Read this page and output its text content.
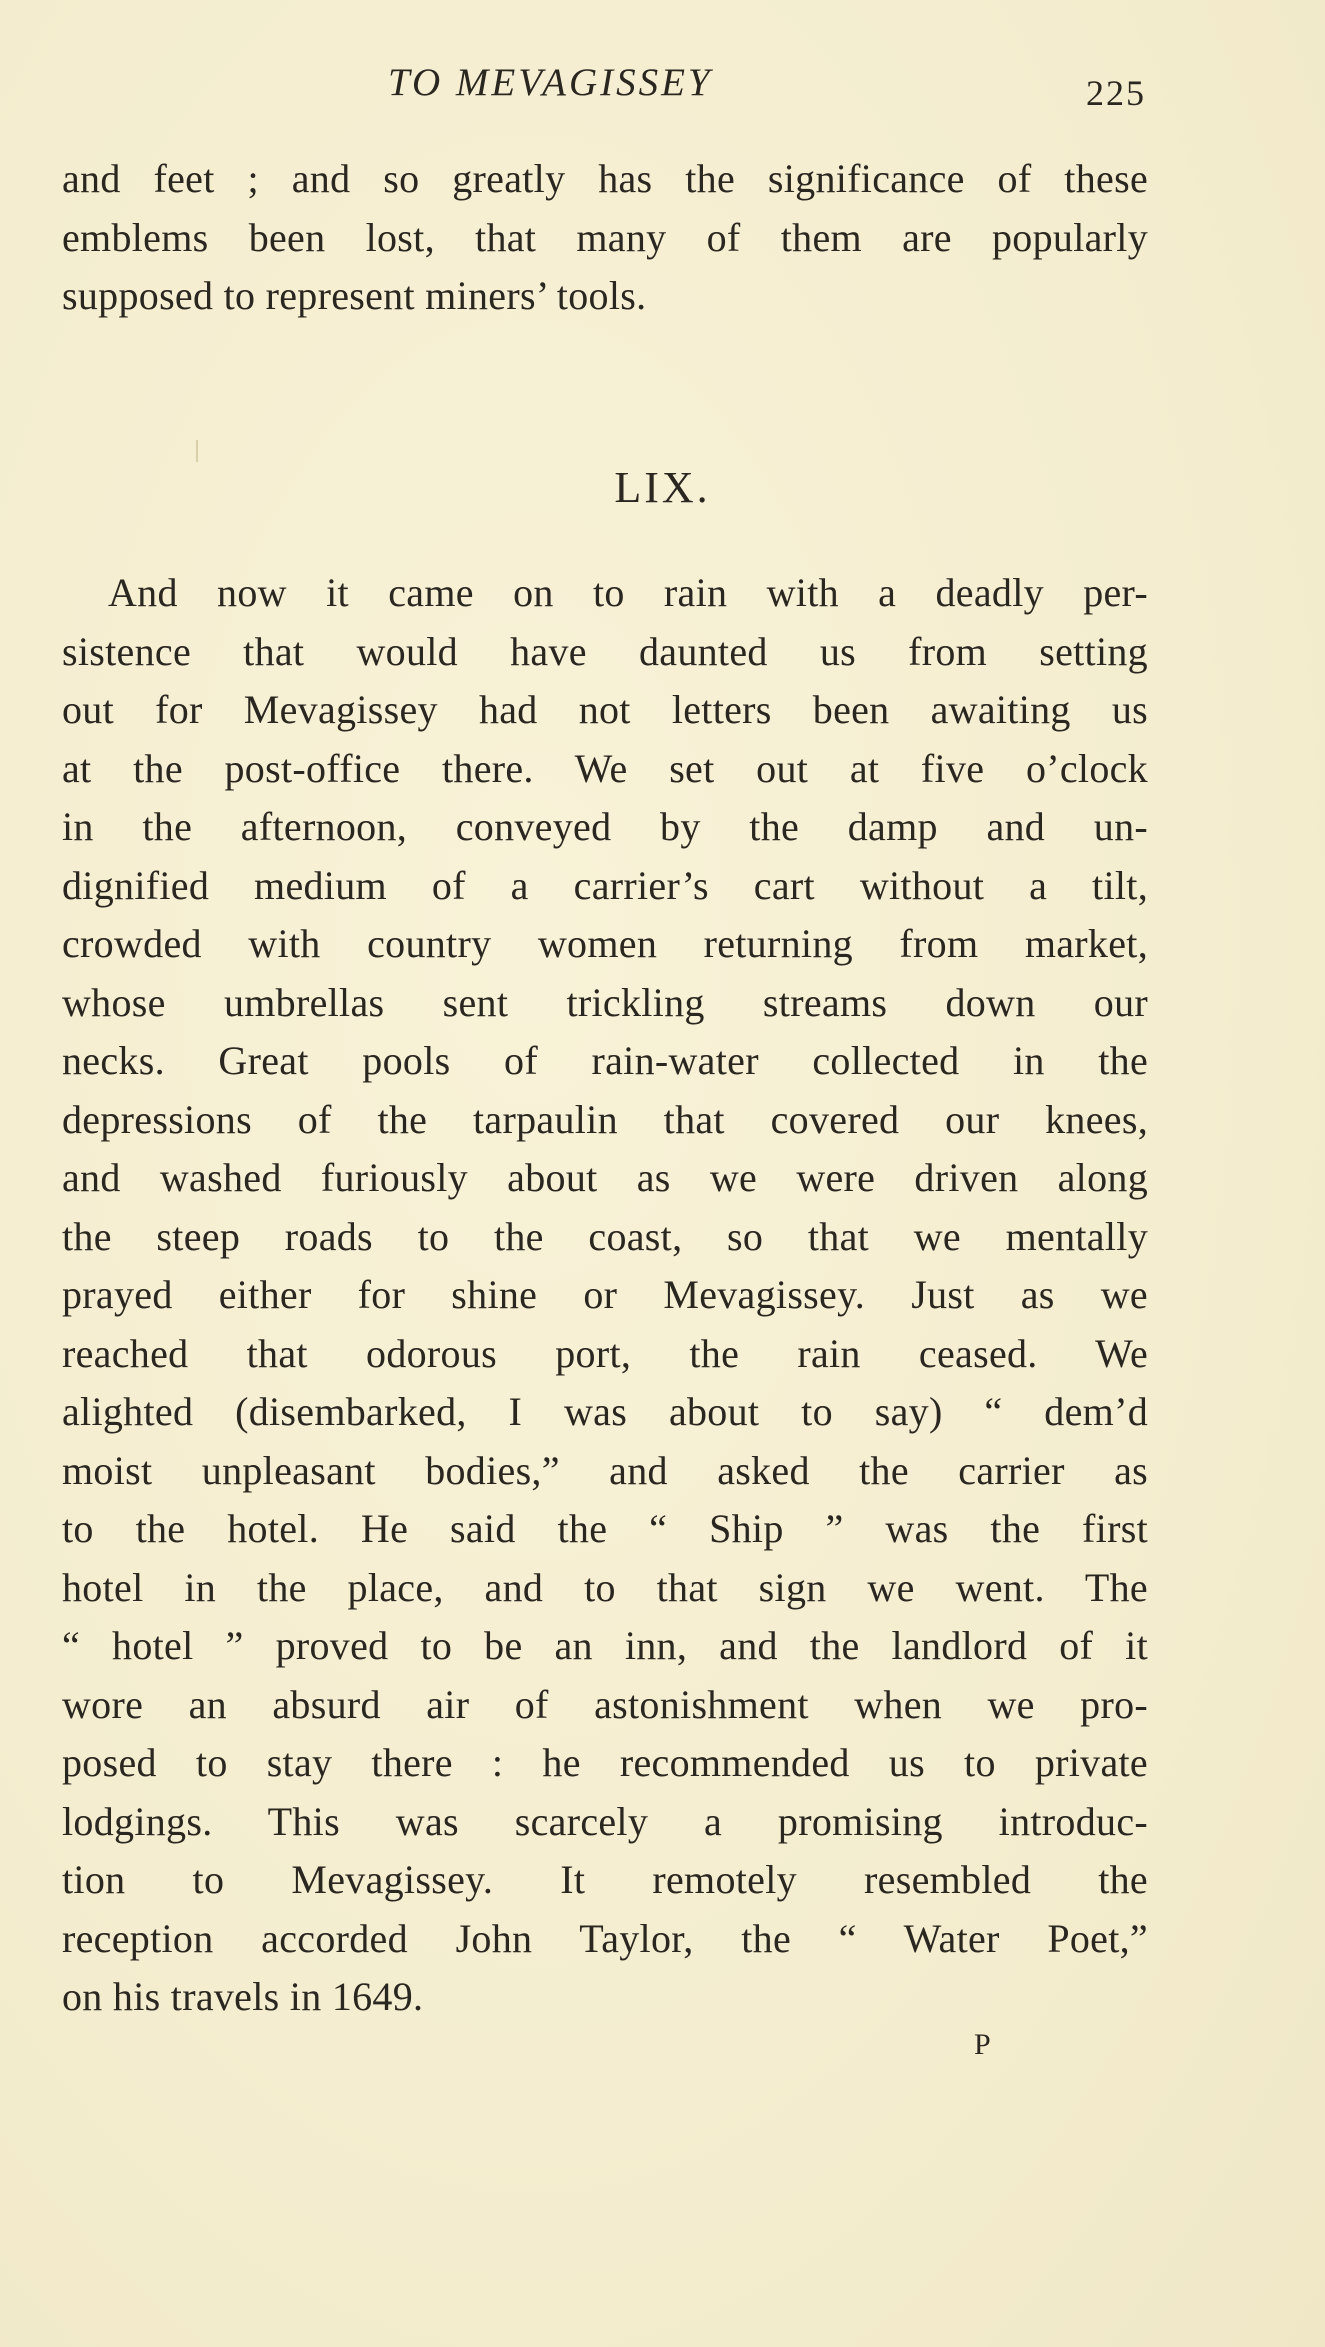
TO MEVAGISSEY	225

and feet ; and so greatly has the significance of these
emblems been lost, that many of them are popularly
supposed to represent miners’ tools.

LIX.

And now it came on to rain with a deadly per-
sistence that would have daunted us from setting
out for Mevagissey had not letters been awaiting us
at the post-office there. We set out at five o’clock
in the afternoon, conveyed by the damp and un-
dignified medium of a carrier’s cart without a tilt,
crowded with country women returning from market,
whose umbrellas sent trickling streams down our
necks. Great pools of rain-water collected in the
depressions of the tarpaulin that covered our knees,
and washed furiously about as we were driven along
the steep roads to the coast, so that we mentally
prayed either for shine or Mevagissey. Just as we
reached that odorous port, the rain ceased. We
alighted (disembarked, I was about to say) “ dem’d
moist unpleasant bodies,” and asked the carrier as
to the hotel. He said the “ Ship ” was the first
hotel in the place, and to that sign we went. The
“ hotel ” proved to be an inn, and the landlord of it
wore an absurd air of astonishment when we pro-
posed to stay there : he recommended us to private
lodgings. This was scarcely a promising introduc-
tion to Mevagissey. It remotely resembled the
reception accorded John Taylor, the “ Water Poet,”
on his travels in 1649.

P
